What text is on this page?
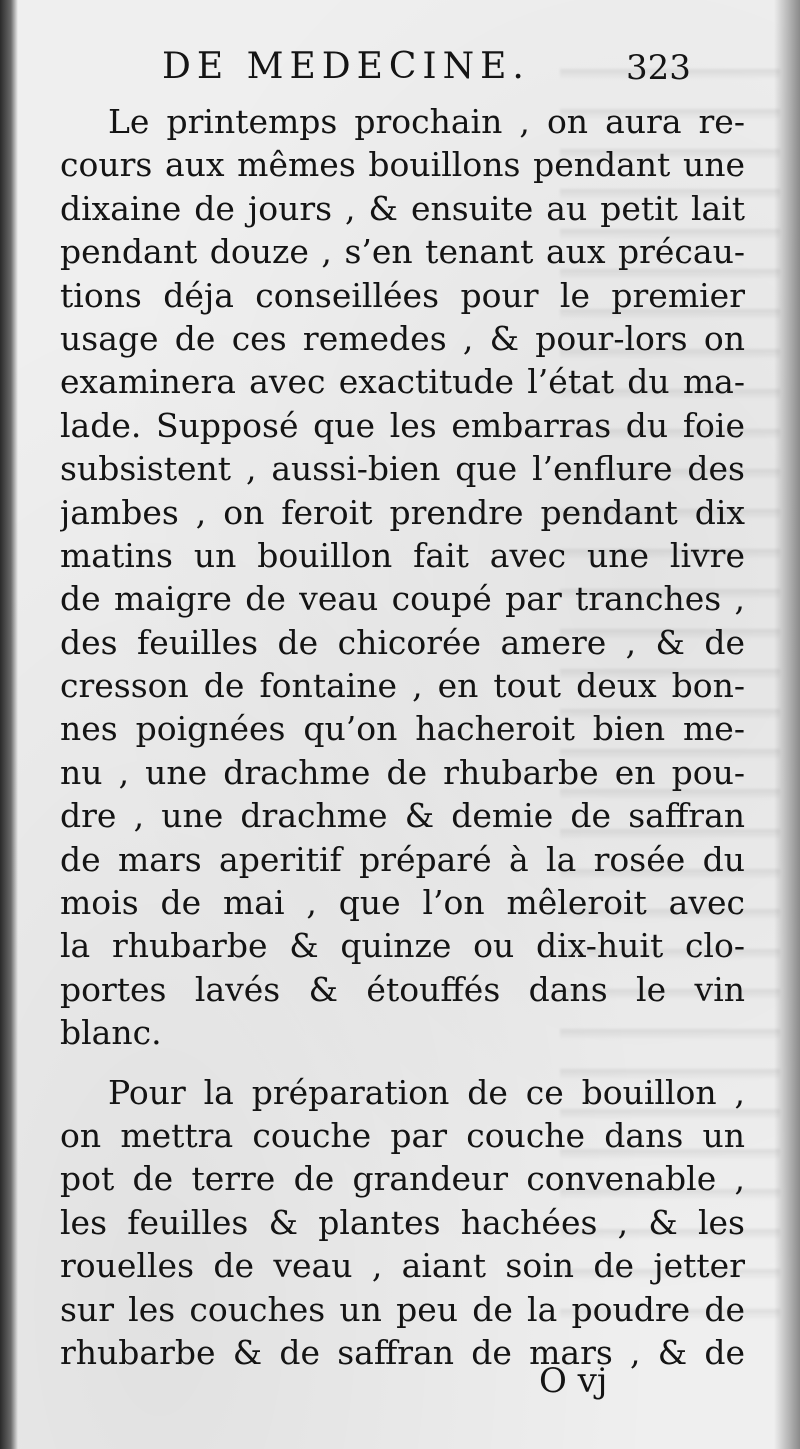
DE MEDECINE.	323
Le printemps prochain , on aura re-
cours aux mêmes bouillons pendant une
dixaine de jours , & ensuite au petit lait
pendant douze , s’en tenant aux précau-
tions déja conseillées pour le premier
usage de ces remedes , & pour-lors on
examinera avec exactitude l’état du ma-
lade. Supposé que les embarras du foie
subsistent , aussi-bien que l’enflure des
jambes , on feroit prendre pendant dix
matins un bouillon fait avec une livre
de maigre de veau coupé par tranches ,
des feuilles de chicorée amere , & de
cresson de fontaine , en tout deux bon-
nes poignées qu’on hacheroit bien me-
nu , une drachme de rhubarbe en pou-
dre , une drachme & demie de saffran
de mars aperitif préparé à la rosée du
mois de mai , que l’on mêleroit avec
la rhubarbe & quinze ou dix-huit clo-
portes lavés & étouffés dans le vin
blanc.
Pour la préparation de ce bouillon ,
on mettra couche par couche dans un
pot de terre de grandeur convenable ,
les feuilles & plantes hachées , & les
rouelles de veau , aiant soin de jetter
sur les couches un peu de la poudre de
rhubarbe & de saffran de mars , & de
O vj
